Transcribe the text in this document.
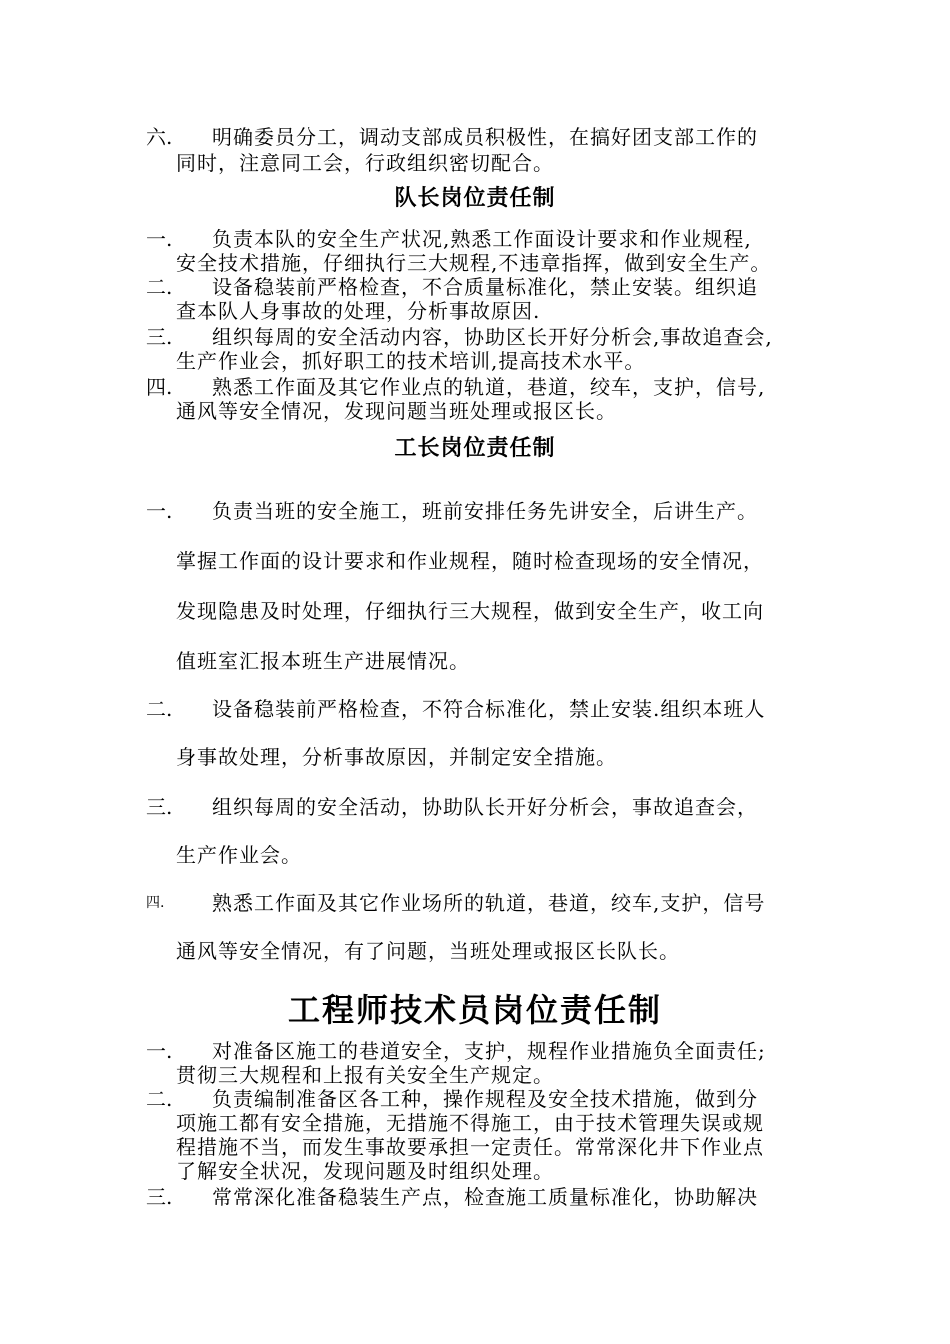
六. 明确委员分工，调动支部成员积极性，在搞好团支部工作的
同时，注意同工会，行政组织密切配合。
队长岗位责任制
一. 负责本队的安全生产状况,熟悉工作面设计要求和作业规程,
安全技术措施，仔细执行三大规程,不违章指挥，做到安全生产。
二. 设备稳装前严格检查，不合质量标准化，禁止安装。组织追
查本队人身事故的处理，分析事故原因.
三. 组织每周的安全活动内容，协助区长开好分析会,事故追查会,
生产作业会，抓好职工的技术培训,提高技术水平。
四. 熟悉工作面及其它作业点的轨道，巷道，绞车，支护，信号,
通风等安全情况，发现问题当班处理或报区长。
工长岗位责任制
一. 负责当班的安全施工，班前安排任务先讲安全，后讲生产。
掌握工作面的设计要求和作业规程，随时检查现场的安全情况，
发现隐患及时处理，仔细执行三大规程，做到安全生产，收工向
值班室汇报本班生产进展情况。
二. 设备稳装前严格检查，不符合标准化，禁止安装.组织本班人
身事故处理，分析事故原因，并制定安全措施。
三. 组织每周的安全活动，协助队长开好分析会，事故追查会，
生产作业会。
四. 熟悉工作面及其它作业场所的轨道，巷道，绞车,支护，信号
通风等安全情况，有了问题，当班处理或报区长队长。
工程师技术员岗位责任制
一. 对准备区施工的巷道安全，支护，规程作业措施负全面责任;
贯彻三大规程和上报有关安全生产规定。
二. 负责编制准备区各工种，操作规程及安全技术措施，做到分
项施工都有安全措施，无措施不得施工，由于技术管理失误或规
程措施不当，而发生事故要承担一定责任。常常深化井下作业点
了解安全状况，发现问题及时组织处理。
三. 常常深化准备稳装生产点，检查施工质量标准化，协助解决
